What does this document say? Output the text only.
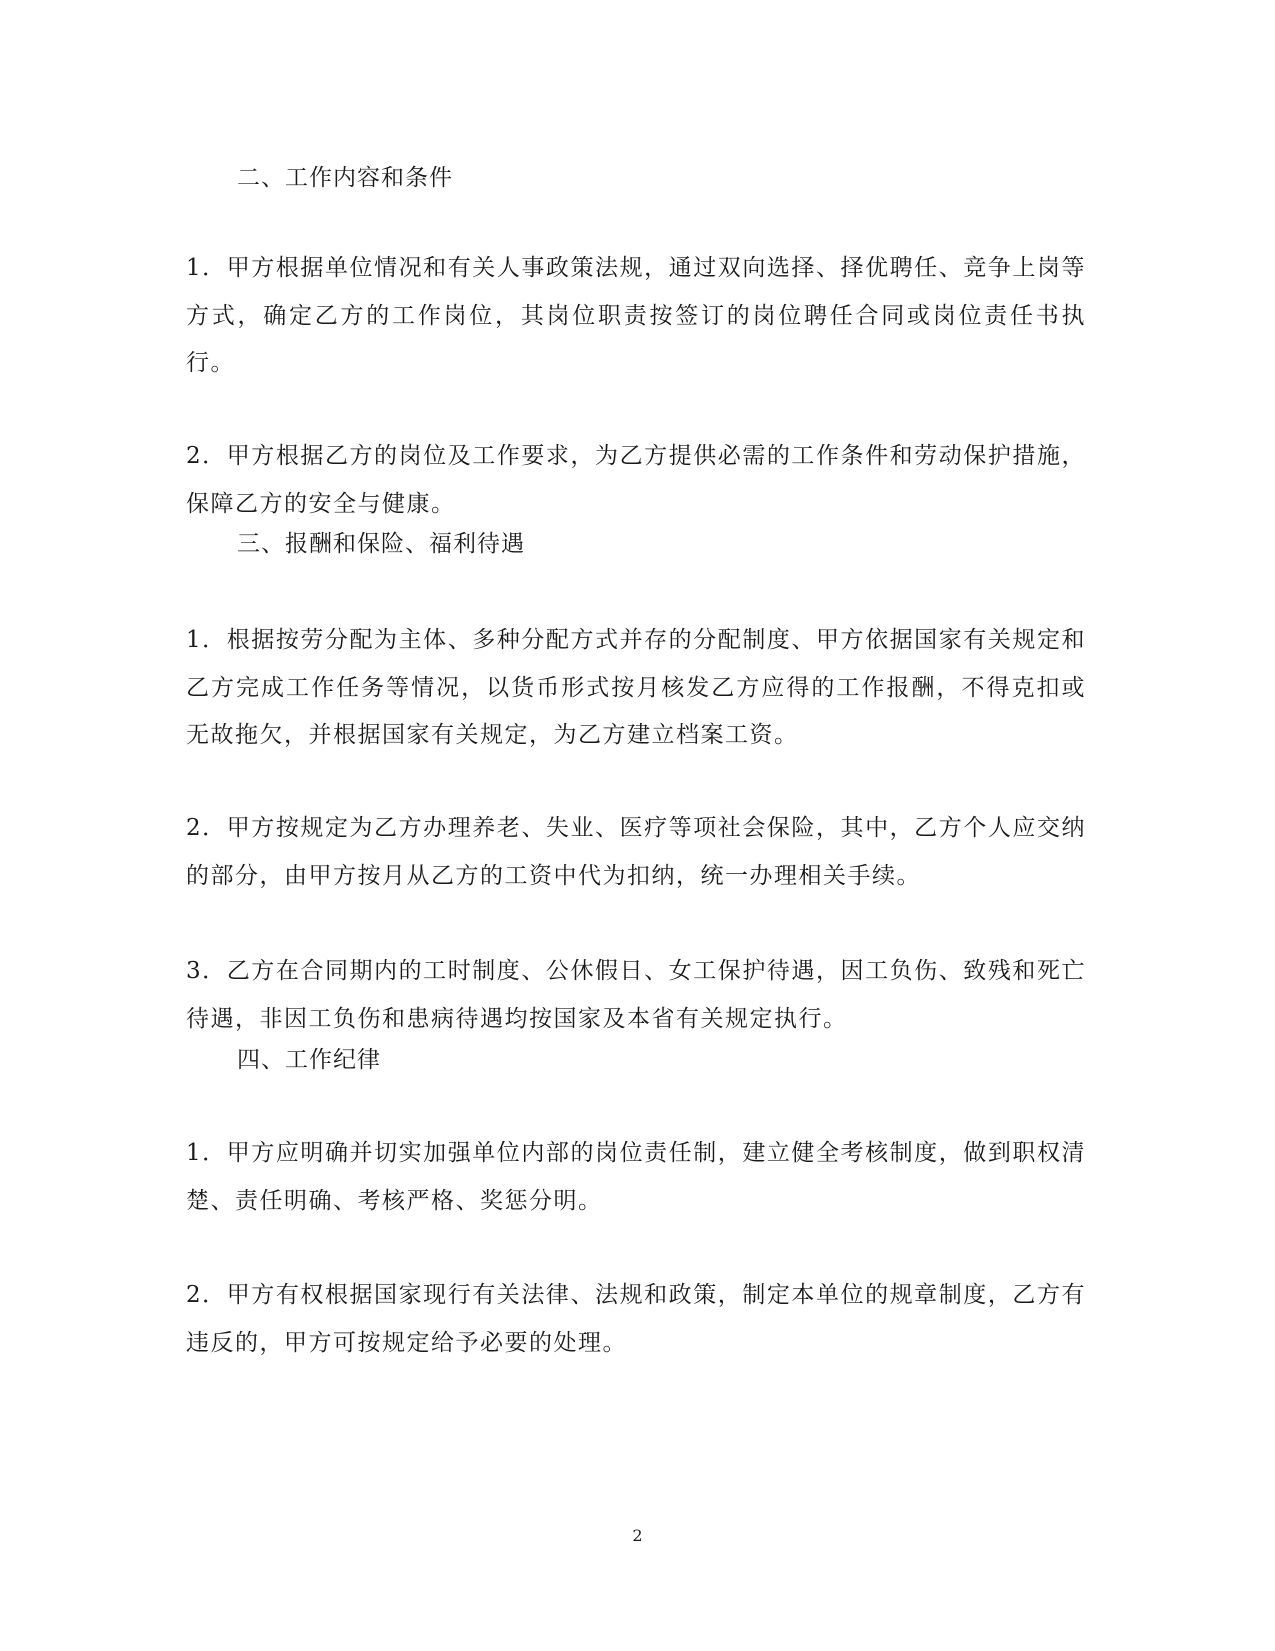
二、工作内容和条件
1．甲方根据单位情况和有关人事政策法规，通过双向选择、择优聘任、竞争上岗等方式，确定乙方的工作岗位，其岗位职责按签订的岗位聘任合同或岗位责任书执行。
2．甲方根据乙方的岗位及工作要求，为乙方提供必需的工作条件和劳动保护措施，保障乙方的安全与健康。
三、报酬和保险、福利待遇
1．根据按劳分配为主体、多种分配方式并存的分配制度、甲方依据国家有关规定和乙方完成工作任务等情况，以货币形式按月核发乙方应得的工作报酬，不得克扣或无故拖欠，并根据国家有关规定，为乙方建立档案工资。
2．甲方按规定为乙方办理养老、失业、医疗等项社会保险，其中，乙方个人应交纳的部分，由甲方按月从乙方的工资中代为扣纳，统一办理相关手续。
3．乙方在合同期内的工时制度、公休假日、女工保护待遇，因工负伤、致残和死亡待遇，非因工负伤和患病待遇均按国家及本省有关规定执行。
四、工作纪律
1．甲方应明确并切实加强单位内部的岗位责任制，建立健全考核制度，做到职权清楚、责任明确、考核严格、奖惩分明。
2．甲方有权根据国家现行有关法律、法规和政策，制定本单位的规章制度，乙方有违反的，甲方可按规定给予必要的处理。
2
